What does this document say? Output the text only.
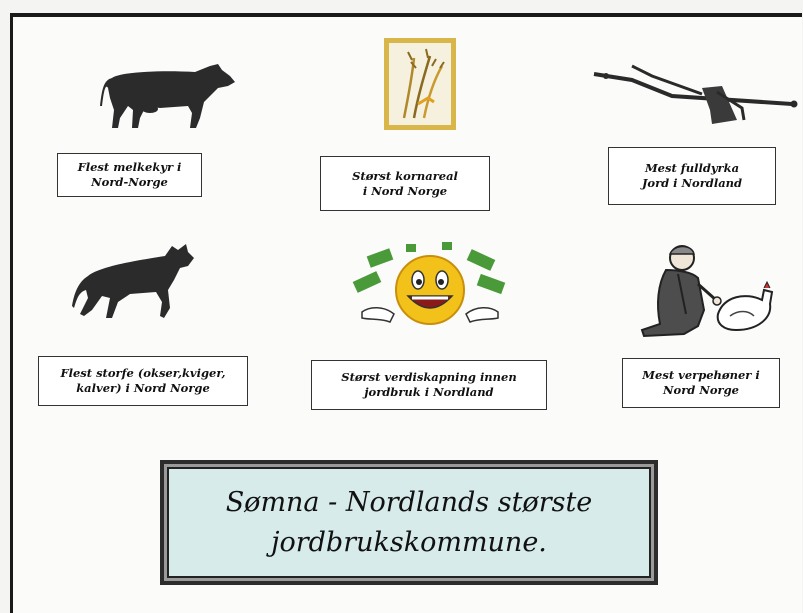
Flest melkekyr i
Nord-Norge	Størst kornareal
i Nord Norge
Mest fulldyrka
Jord i Nordland
Flest storfe (okser,kviger,
kalver) i Nord Norge
Størst verdiskapning innen
jordbruk i Nordland
Mest verpehøner i
Nord Norge
Sømna - Nordlands største
jordbrukskommune.
